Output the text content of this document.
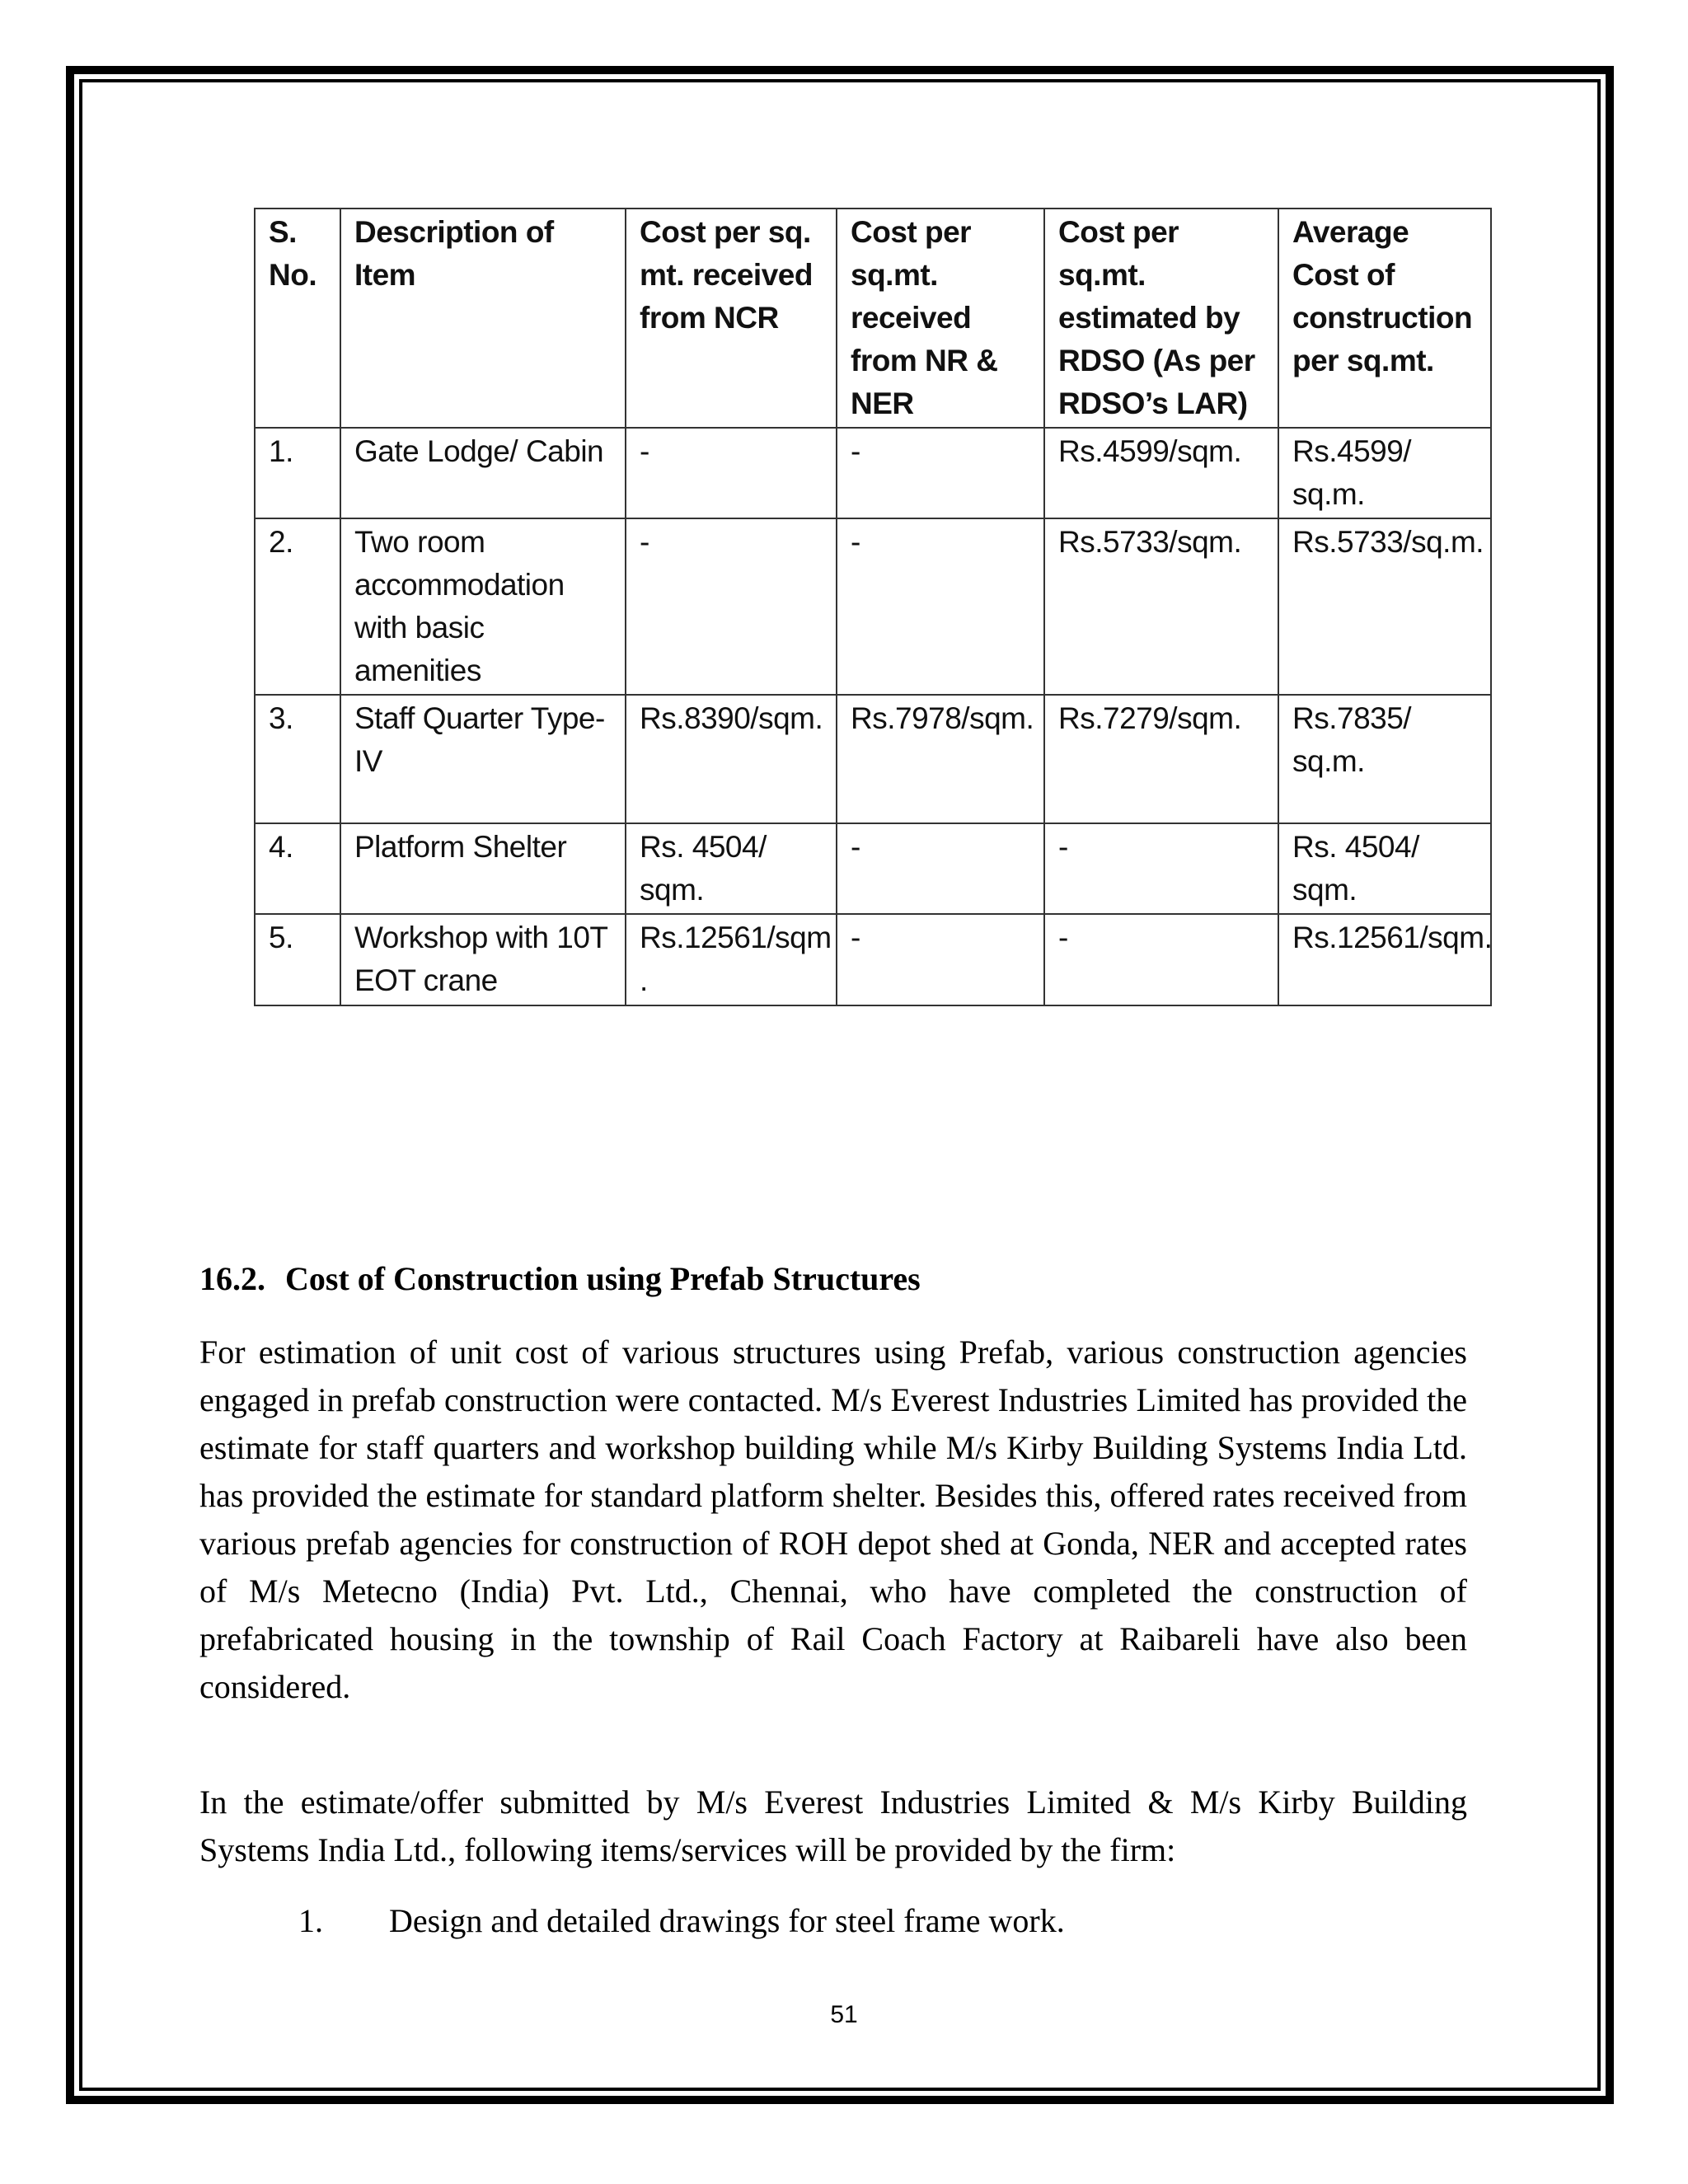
S. No.	Description of Item	Cost per sq. mt. received from NCR	Cost per sq.mt. received from NR & NER	Cost per sq.mt. estimated by RDSO (As per RDSO’s LAR)	Average Cost of construction per sq.mt.
1.	Gate Lodge/ Cabin	-	-	Rs.4599/sqm.	Rs.4599/ sq.m.
2.	Two room accommodation with basic amenities	-	-	Rs.5733/sqm.	Rs.5733/sq.m.
3.	Staff Quarter Type-IV	Rs.8390/sqm.	Rs.7978/sqm.	Rs.7279/sqm.	Rs.7835/ sq.m.
4.	Platform Shelter	Rs. 4504/ sqm.	-	-	Rs. 4504/ sqm.
5.	Workshop with 10T EOT crane	Rs.12561/sqm .	-	-	Rs.12561/sqm.
16.2. Cost of Construction using Prefab Structures

For estimation of unit cost of various structures using Prefab, various construction agencies engaged in prefab construction were contacted. M/s Everest Industries Limited has provided the estimate for staff quarters and workshop building while M/s Kirby Building Systems India Ltd. has provided the estimate for standard platform shelter. Besides this, offered rates received from various prefab agencies for construction of ROH depot shed at Gonda, NER and accepted rates of M/s Metecno (India) Pvt. Ltd., Chennai, who have completed the construction of prefabricated housing in the township of Rail Coach Factory at Raibareli have also been considered.

In the estimate/offer submitted by M/s Everest Industries Limited & M/s Kirby Building Systems India Ltd., following items/services will be provided by the firm:

1. Design and detailed drawings for steel frame work.
51
